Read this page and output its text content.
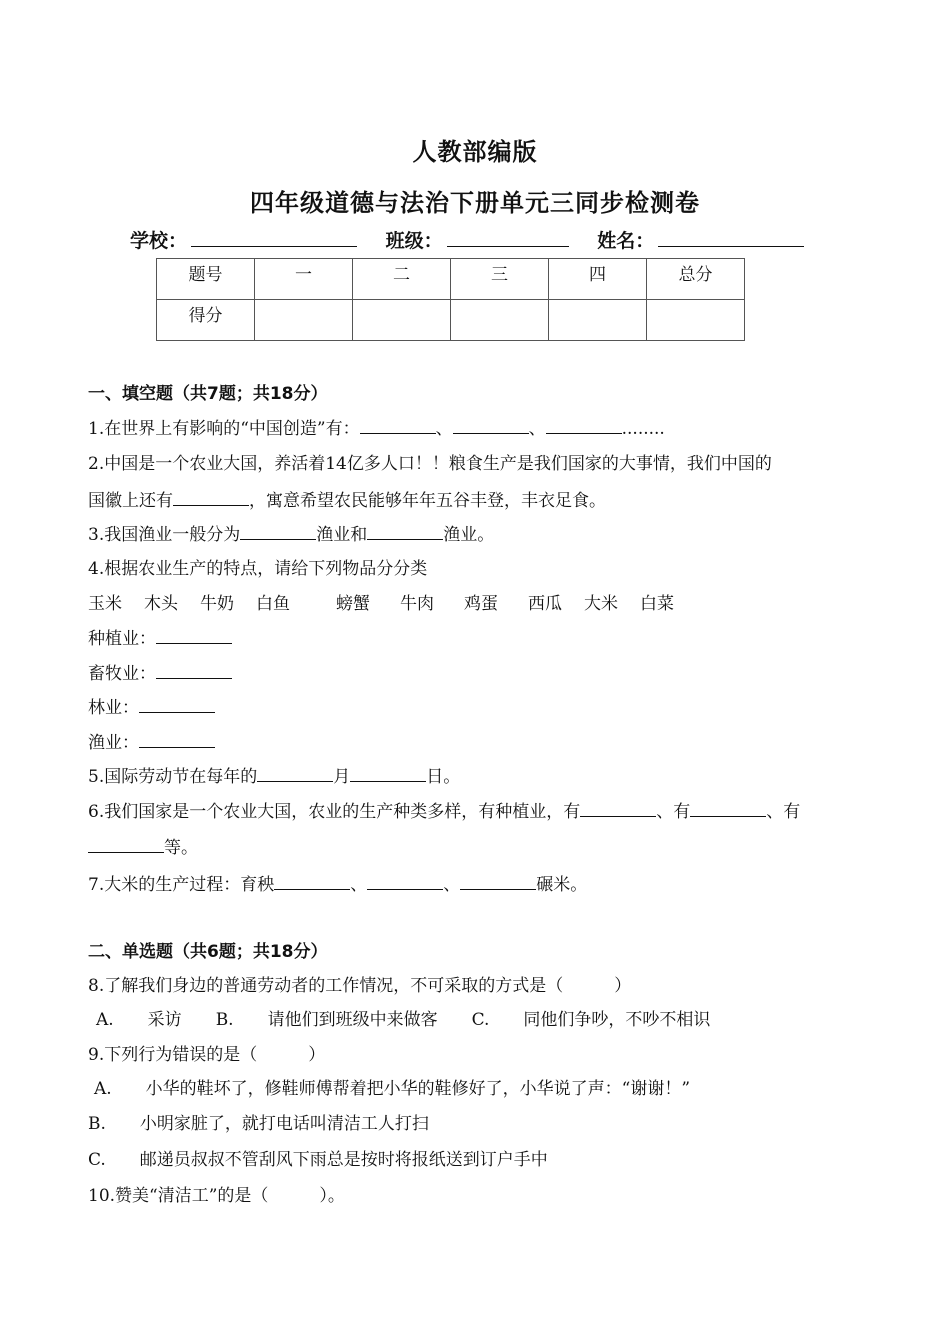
人教部编版
四年级道德与法治下册单元三同步检测卷
学校：	班级：	姓名：
题号	一	二	三	四	总分
得分					
一、填空题（共7题；共18分）
1.在世界上有影响的“中国创造”有：	、	、	........
2.中国是一个农业大国，养活着14亿多人口！！粮食生产是我们国家的大事情，我们中国的
国徽上还有	，寓意希望农民能够年年五谷丰登，丰衣足食。
3.我国渔业一般分为	渔业和	渔业。
4.根据农业生产的特点，请给下列物品分分类
玉米 木头 牛奶 白鱼	螃蟹 牛肉 鸡蛋 西瓜 大米 白菜
种植业：
畜牧业：
林业：
渔业：
5.国际劳动节在每年的	月	日。
6.我们国家是一个农业大国，农业的生产种类多样，有种植业，有	、有	、有
等。
7.大米的生产过程：育秧	、	、	碾米。
二、单选题（共6题；共18分）
8.了解我们身边的普通劳动者的工作情况，不可采取的方式是（　　　）
A.　　采访 B.　　请他们到班级中来做客 C.　　同他们争吵，不吵不相识
9.下列行为错误的是（　　　）
A.　　小华的鞋坏了，修鞋师傅帮着把小华的鞋修好了，小华说了声：“谢谢！”
B.　　小明家脏了，就打电话叫清洁工人打扫
C.　　邮递员叔叔不管刮风下雨总是按时将报纸送到订户手中
10.赞美“清洁工”的是（　　　）。
